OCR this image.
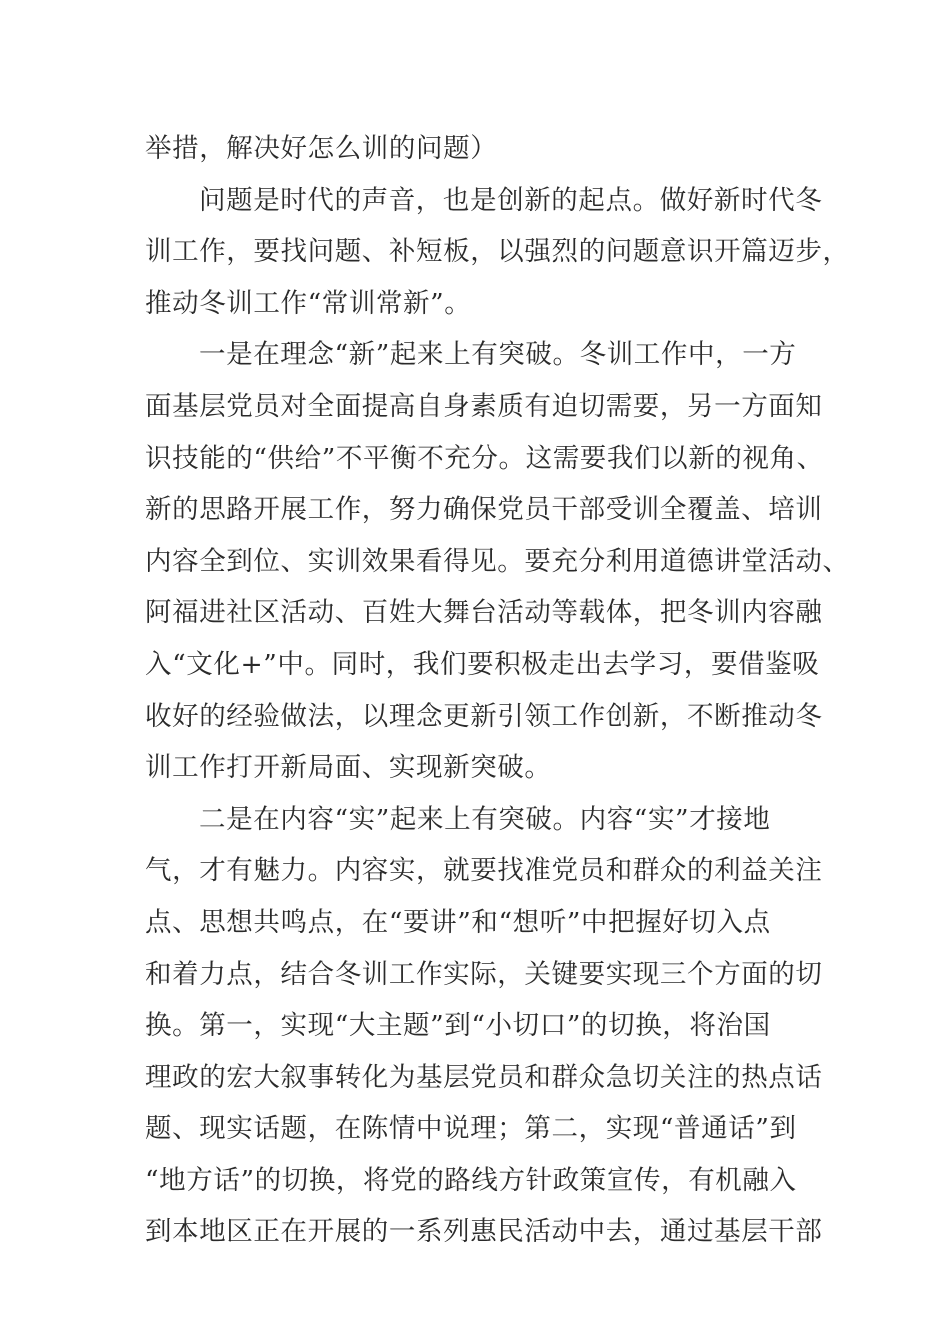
举措，解决好怎么训的问题）
问题是时代的声音，也是创新的起点。做好新时代冬
训工作，要找问题、补短板，以强烈的问题意识开篇迈步，
推动冬训工作“常训常新”。
一是在理念“新”起来上有突破。冬训工作中，一方
面基层党员对全面提高自身素质有迫切需要，另一方面知
识技能的“供给”不平衡不充分。这需要我们以新的视角、
新的思路开展工作，努力确保党员干部受训全覆盖、培训
内容全到位、实训效果看得见。要充分利用道德讲堂活动、
阿福进社区活动、百姓大舞台活动等载体，把冬训内容融
入“文化+”中。同时，我们要积极走出去学习，要借鉴吸
收好的经验做法，以理念更新引领工作创新，不断推动冬
训工作打开新局面、实现新突破。
二是在内容“实”起来上有突破。内容“实”才接地
气，才有魅力。内容实，就要找准党员和群众的利益关注
点、思想共鸣点，在“要讲”和“想听”中把握好切入点
和着力点，结合冬训工作实际，关键要实现三个方面的切
换。第一，实现“大主题”到“小切口”的切换，将治国
理政的宏大叙事转化为基层党员和群众急切关注的热点话
题、现实话题，在陈情中说理；第二，实现“普通话”到
“地方话”的切换，将党的路线方针政策宣传，有机融入
到本地区正在开展的一系列惠民活动中去，通过基层干部
